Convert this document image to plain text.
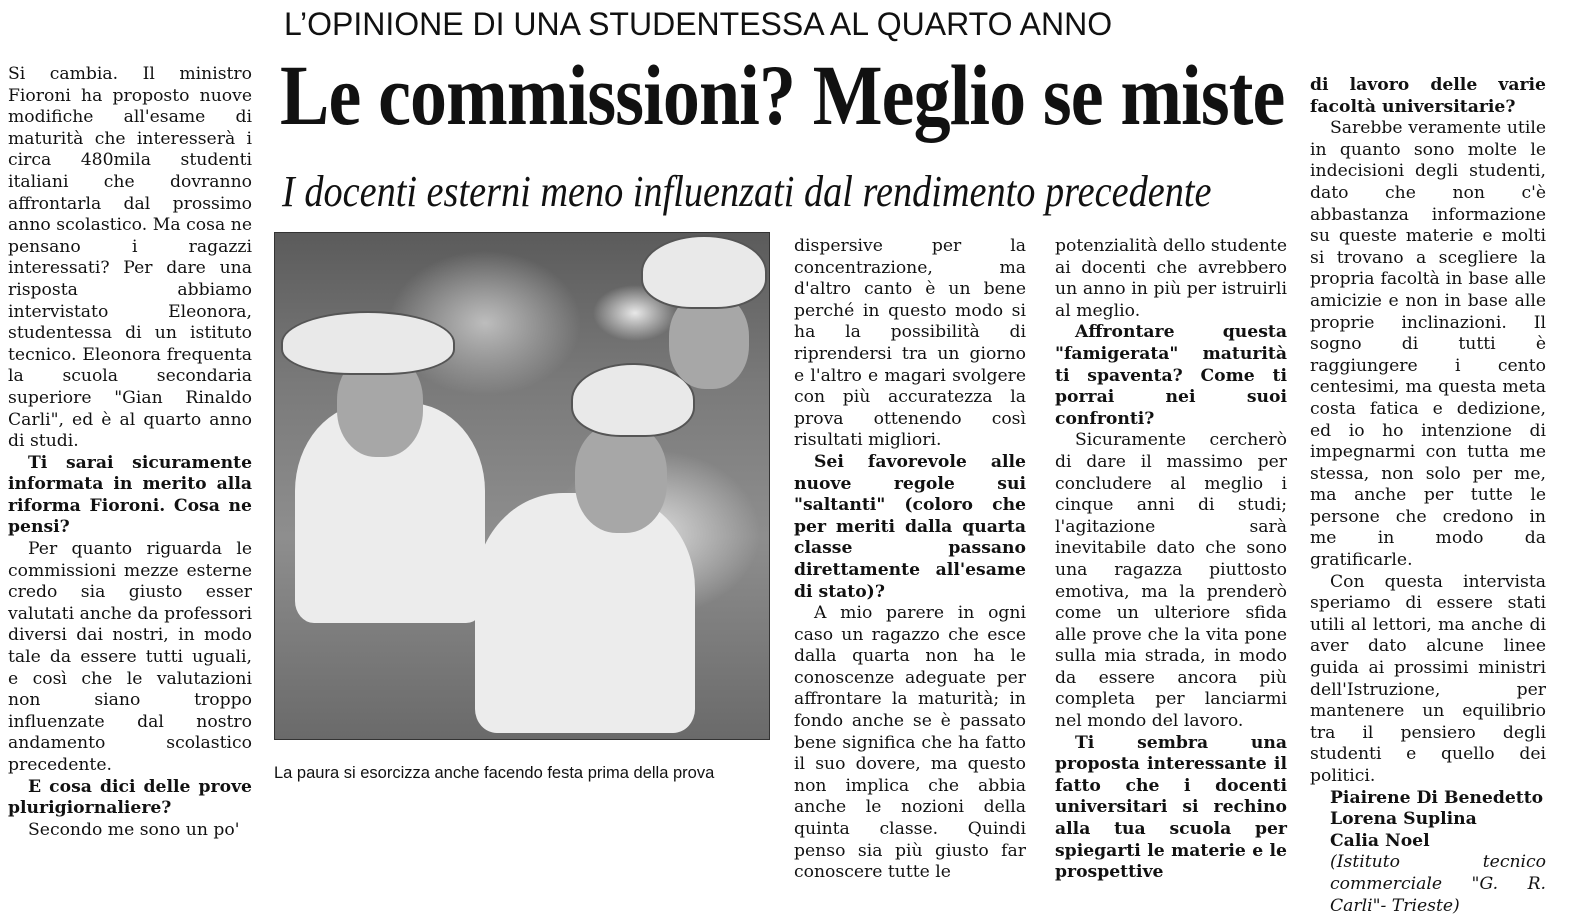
L’OPINIONE DI UNA STUDENTESSA AL QUARTO ANNO
Le commissioni? Meglio se miste
I docenti esterni meno influenzati dal rendimento precedente

Si cambia. Il ministro Fioroni ha proposto nuove modifiche all'esame di maturità che interesserà i circa 480mila studenti italiani che dovranno affrontarla dal prossimo anno scolastico. Ma cosa ne pensano i ragazzi interessati? Per dare una risposta abbiamo intervistato Eleonora, studentessa di un istituto tecnico. Eleonora frequenta la scuola secondaria superiore "Gian Rinaldo Carli", ed è al quarto anno di studi.

Ti sarai sicuramente informata in merito alla riforma Fioroni. Cosa ne pensi?

Per quanto riguarda le commissioni mezze esterne credo sia giusto esser valutati anche da professori diversi dai nostri, in modo tale da essere tutti uguali, e così che le valutazioni non siano troppo influenzate dal nostro andamento scolastico precedente.

E cosa dici delle prove plurigiornaliere?

Secondo me sono un po'

La paura si esorcizza anche facendo festa prima della prova

dispersive per la concentrazione, ma d'altro canto è un bene perché in questo modo si ha la possibilità di riprendersi tra un giorno e l'altro e magari svolgere con più accuratezza la prova ottenendo così risultati migliori.

Sei favorevole alle nuove regole sui "saltanti" (coloro che per meriti dalla quarta classe passano direttamente all'esame di stato)?

A mio parere in ogni caso un ragazzo che esce dalla quarta non ha le conoscenze adeguate per affrontare la maturità; in fondo anche se è passato bene significa che ha fatto il suo dovere, ma questo non implica che abbia anche le nozioni della quinta classe. Quindi penso sia più giusto far conoscere tutte le

potenzialità dello studente ai docenti che avrebbero un anno in più per istruirli al meglio.

Affrontare questa "famigerata" maturità ti spaventa? Come ti porrai nei suoi confronti?

Sicuramente cercherò di dare il massimo per concludere al meglio i cinque anni di studi; l'agitazione sarà inevitabile dato che sono una ragazza piuttosto emotiva, ma la prenderò come un ulteriore sfida alle prove che la vita pone sulla mia strada, in modo da essere ancora più completa per lanciarmi nel mondo del lavoro.

Ti sembra una proposta interessante il fatto che i docenti universitari si rechino alla tua scuola per spiegarti le materie e le prospettive

di lavoro delle varie facoltà universitarie?

Sarebbe veramente utile in quanto sono molte le indecisioni degli studenti, dato che non c'è abbastanza informazione su queste materie e molti si trovano a scegliere la propria facoltà in base alle amicizie e non in base alle proprie inclinazioni. Il sogno di tutti è raggiungere i cento centesimi, ma questa meta costa fatica e dedizione, ed io ho intenzione di impegnarmi con tutta me stessa, non solo per me, ma anche per tutte le persone che credono in me in modo da gratificarle.

Con questa intervista speriamo di essere stati utili al lettori, ma anche di aver dato alcune linee guida ai prossimi ministri dell'Istruzione, per mantenere un equilibrio tra il pensiero degli studenti e quello dei politici.

Piairene Di Benedetto

Lorena Suplina

Calia Noel

(Istituto tecnico commerciale "G. R. Carli"- Trieste)
